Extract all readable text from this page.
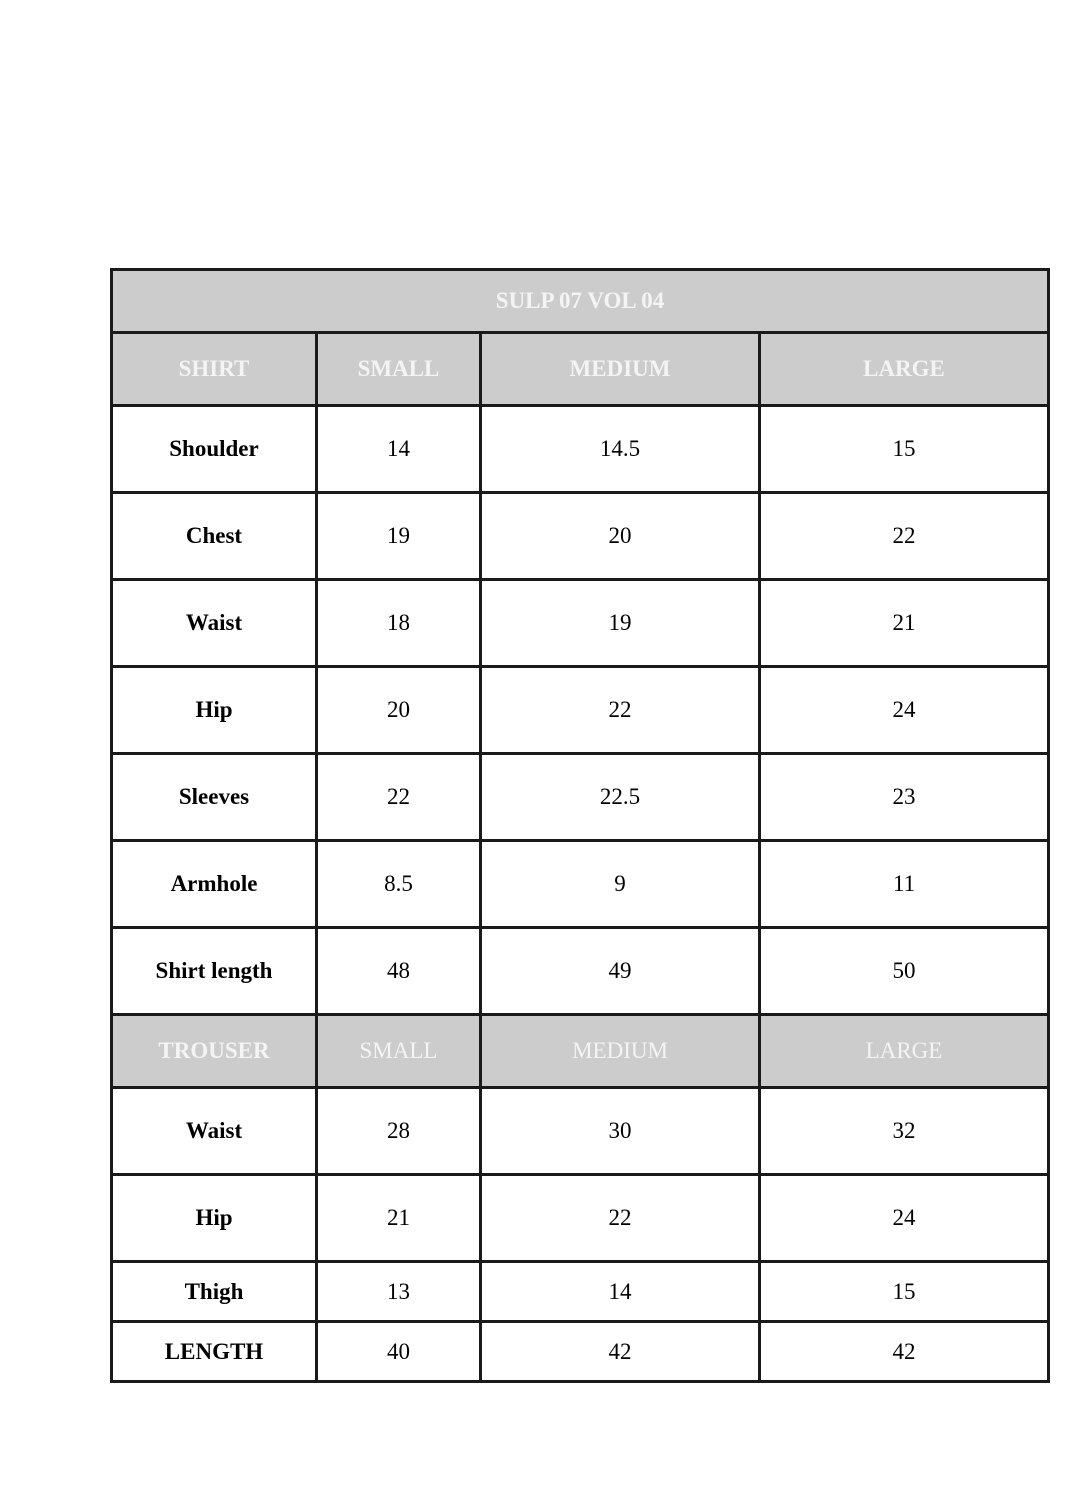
SULP 07 VOL 04			
SHIRT	SMALL	MEDIUM	LARGE
Shoulder	14	14.5	15
Chest	19	20	22
Waist	18	19	21
Hip	20	22	24
Sleeves	22	22.5	23
Armhole	8.5	9	11
Shirt length	48	49	50
TROUSER	SMALL	MEDIUM	LARGE
Waist	28	30	32
Hip	21	22	24
Thigh	13	14	15
LENGTH	40	42	42
